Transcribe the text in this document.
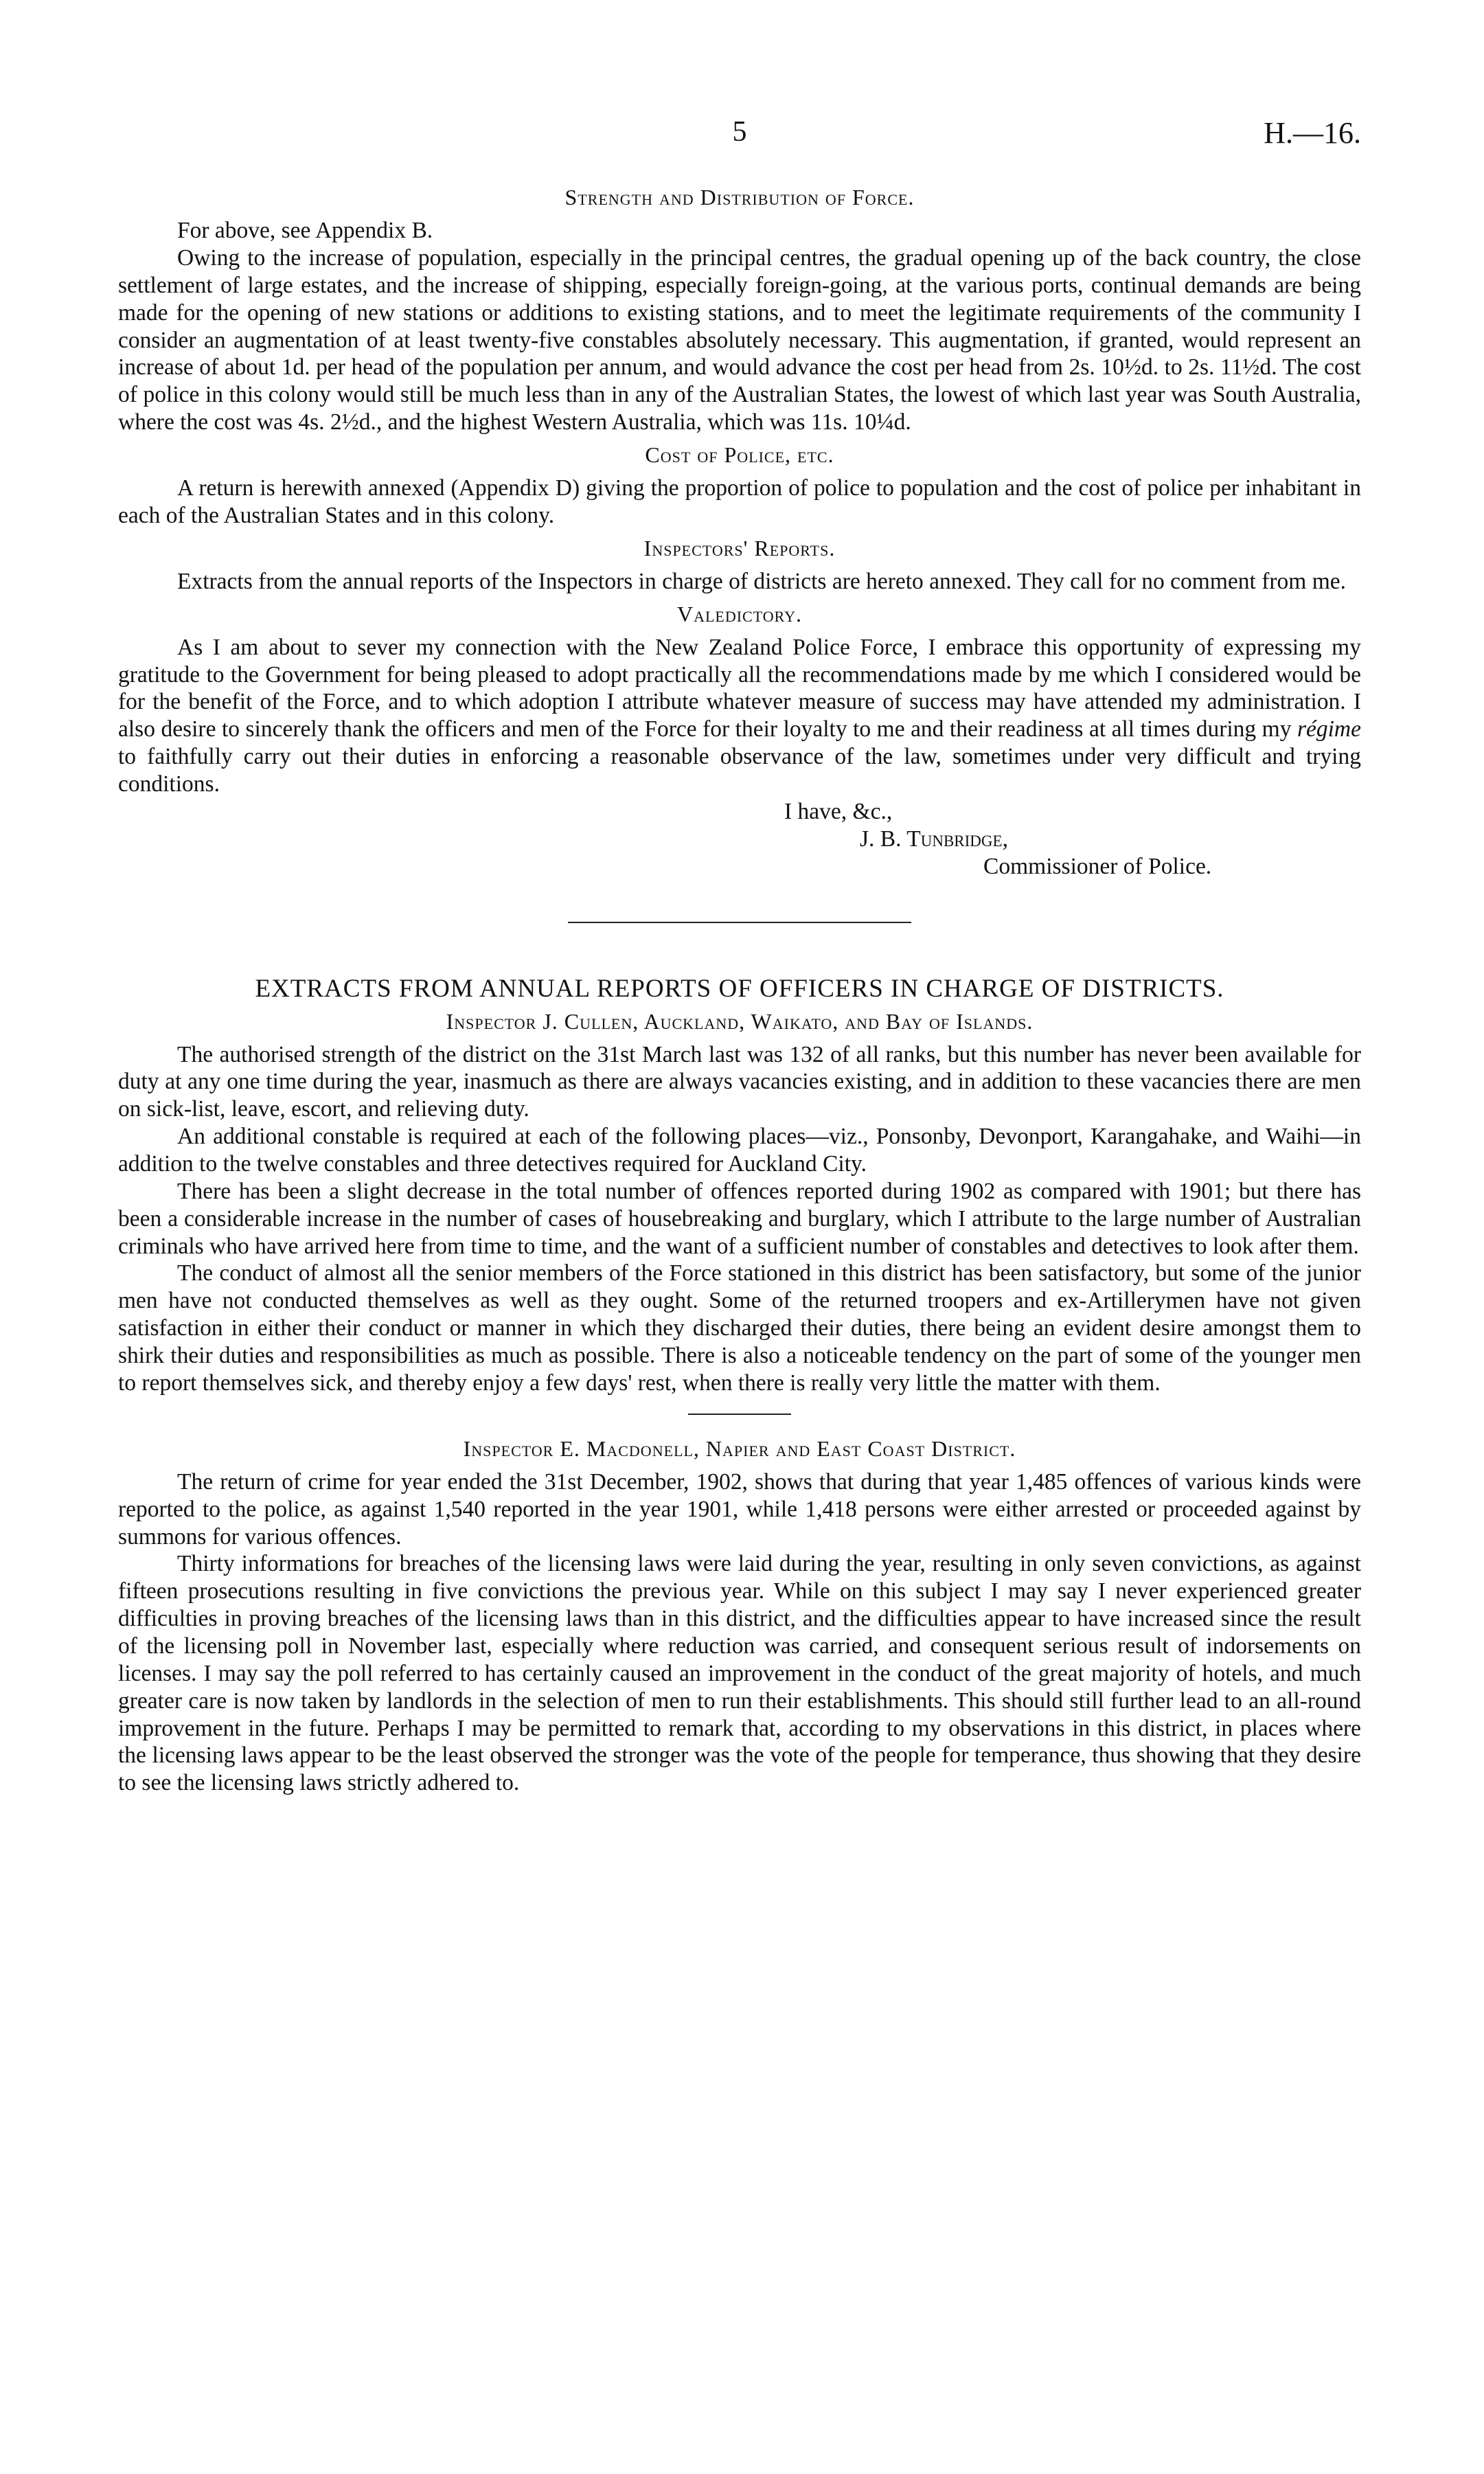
5	H.—16.
Strength and Distribution of Force.

For above, see Appendix B.

Owing to the increase of population, especially in the principal centres, the gradual opening up of the back country, the close settlement of large estates, and the increase of shipping, especially foreign-going, at the various ports, continual demands are being made for the opening of new stations or additions to existing stations, and to meet the legitimate requirements of the community I consider an augmentation of at least twenty-five constables absolutely necessary. This augmentation, if granted, would represent an increase of about 1d. per head of the population per annum, and would advance the cost per head from 2s. 10½d. to 2s. 11½d. The cost of police in this colony would still be much less than in any of the Australian States, the lowest of which last year was South Australia, where the cost was 4s. 2½d., and the highest Western Australia, which was 11s. 10¼d.

Cost of Police, etc.

A return is herewith annexed (Appendix D) giving the proportion of police to population and the cost of police per inhabitant in each of the Australian States and in this colony.

Inspectors' Reports.

Extracts from the annual reports of the Inspectors in charge of districts are hereto annexed. They call for no comment from me.

Valedictory.

As I am about to sever my connection with the New Zealand Police Force, I embrace this opportunity of expressing my gratitude to the Government for being pleased to adopt practically all the recommendations made by me which I considered would be for the benefit of the Force, and to which adoption I attribute whatever measure of success may have attended my administration. I also desire to sincerely thank the officers and men of the Force for their loyalty to me and their readiness at all times during my régime to faithfully carry out their duties in enforcing a reasonable observance of the law, sometimes under very difficult and trying conditions.

I have, &c.,
J. B. Tunbridge,
Commissioner of Police.
EXTRACTS FROM ANNUAL REPORTS OF OFFICERS IN CHARGE OF DISTRICTS.
Inspector J. Cullen, Auckland, Waikato, and Bay of Islands.

The authorised strength of the district on the 31st March last was 132 of all ranks, but this number has never been available for duty at any one time during the year, inasmuch as there are always vacancies existing, and in addition to these vacancies there are men on sick-list, leave, escort, and relieving duty.

An additional constable is required at each of the following places—viz., Ponsonby, Devonport, Karangahake, and Waihi—in addition to the twelve constables and three detectives required for Auckland City.

There has been a slight decrease in the total number of offences reported during 1902 as compared with 1901; but there has been a considerable increase in the number of cases of housebreaking and burglary, which I attribute to the large number of Australian criminals who have arrived here from time to time, and the want of a sufficient number of constables and detectives to look after them.

The conduct of almost all the senior members of the Force stationed in this district has been satisfactory, but some of the junior men have not conducted themselves as well as they ought. Some of the returned troopers and ex-Artillerymen have not given satisfaction in either their conduct or manner in which they discharged their duties, there being an evident desire amongst them to shirk their duties and responsibilities as much as possible. There is also a noticeable tendency on the part of some of the younger men to report themselves sick, and thereby enjoy a few days' rest, when there is really very little the matter with them.

Inspector E. Macdonell, Napier and East Coast District.

The return of crime for year ended the 31st December, 1902, shows that during that year 1,485 offences of various kinds were reported to the police, as against 1,540 reported in the year 1901, while 1,418 persons were either arrested or proceeded against by summons for various offences.

Thirty informations for breaches of the licensing laws were laid during the year, resulting in only seven convictions, as against fifteen prosecutions resulting in five convictions the previous year. While on this subject I may say I never experienced greater difficulties in proving breaches of the licensing laws than in this district, and the difficulties appear to have increased since the result of the licensing poll in November last, especially where reduction was carried, and consequent serious result of indorsements on licenses. I may say the poll referred to has certainly caused an improvement in the conduct of the great majority of hotels, and much greater care is now taken by landlords in the selection of men to run their establishments. This should still further lead to an all-round improvement in the future. Perhaps I may be permitted to remark that, according to my observations in this district, in places where the licensing laws appear to be the least observed the stronger was the vote of the people for temperance, thus showing that they desire to see the licensing laws strictly adhered to.
